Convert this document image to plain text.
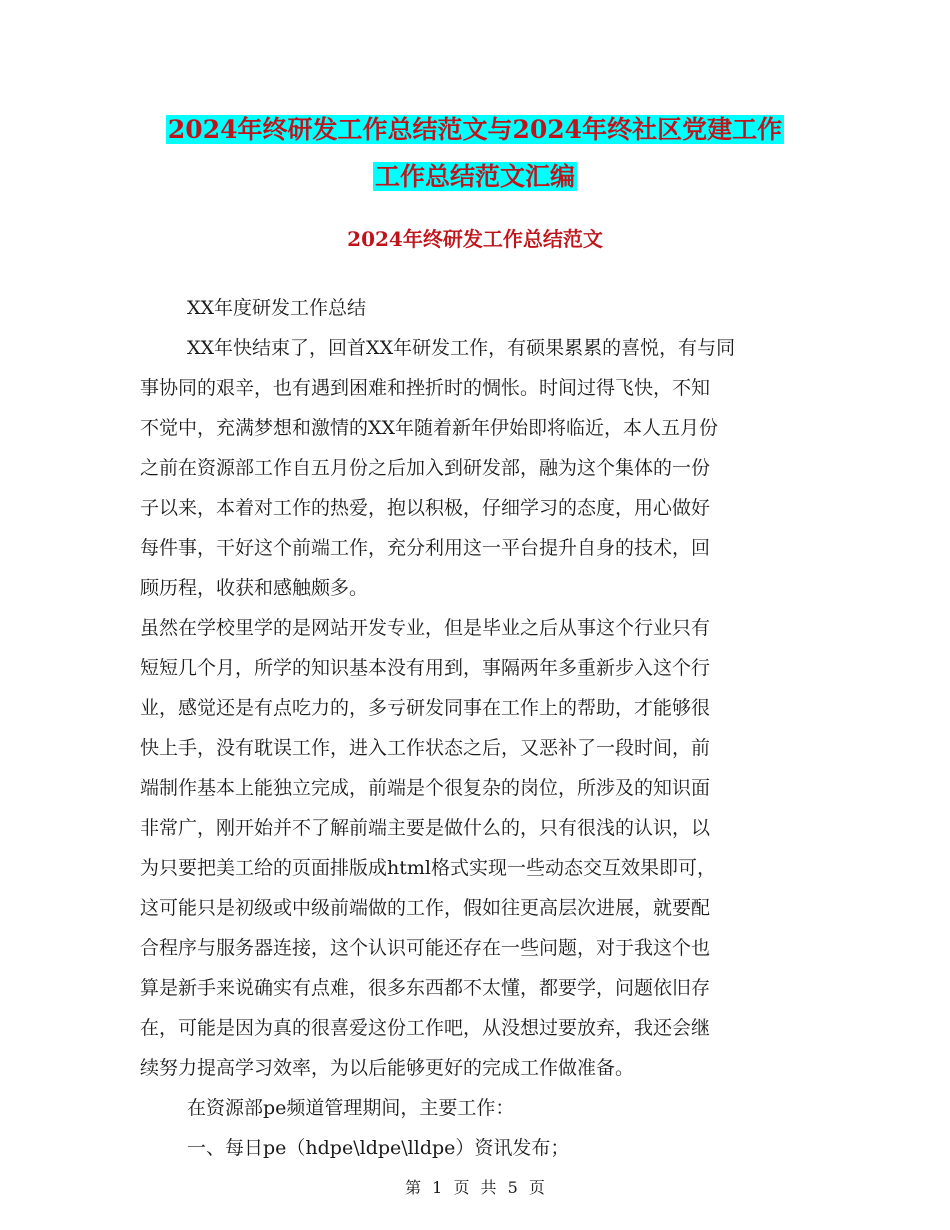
2024年终研发工作总结范文与2024年终社区党建工作
工作总结范文汇编
2024年终研发工作总结范文
XX年度研发工作总结
XX年快结束了，回首XX年研发工作，有硕果累累的喜悦，有与同
事协同的艰辛，也有遇到困难和挫折时的惆怅。时间过得飞快，不知
不觉中，充满梦想和激情的XX年随着新年伊始即将临近，本人五月份
之前在资源部工作自五月份之后加入到研发部，融为这个集体的一份
子以来，本着对工作的热爱，抱以积极，仔细学习的态度，用心做好
每件事，干好这个前端工作，充分利用这一平台提升自身的技术，回
顾历程，收获和感触颇多。
虽然在学校里学的是网站开发专业，但是毕业之后从事这个行业只有
短短几个月，所学的知识基本没有用到，事隔两年多重新步入这个行
业，感觉还是有点吃力的，多亏研发同事在工作上的帮助，才能够很
快上手，没有耽误工作，进入工作状态之后，又恶补了一段时间，前
端制作基本上能独立完成，前端是个很复杂的岗位，所涉及的知识面
非常广，刚开始并不了解前端主要是做什么的，只有很浅的认识，以
为只要把美工给的页面排版成html格式实现一些动态交互效果即可，
这可能只是初级或中级前端做的工作，假如往更高层次进展，就要配
合程序与服务器连接，这个认识可能还存在一些问题，对于我这个也
算是新手来说确实有点难，很多东西都不太懂，都要学，问题依旧存
在，可能是因为真的很喜爱这份工作吧，从没想过要放弃，我还会继
续努力提高学习效率，为以后能够更好的完成工作做准备。
在资源部pe频道管理期间，主要工作：
一、每日pe（hdpe\ldpe\lldpe）资讯发布；
第 1 页 共 5 页
